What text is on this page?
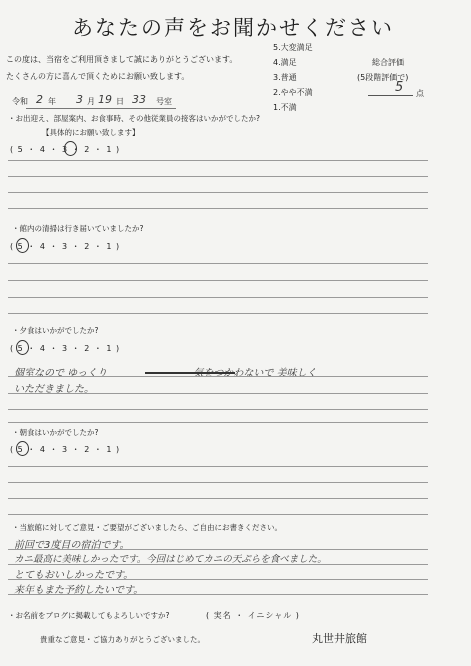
あなたの声をお聞かせください
この度は、当宿をご利用頂きまして誠にありがとうございます。
たくさんの方に喜んで頂くためにお願い致します。
5.大変満足
4.満足
3.普通
2.やや不満
1.不満
総合評価
(5段階評価で)
5 点
令和 2 年 3 月 19 日 33 号室
・お出迎え、部屋案内、お食事時、その他従業員の接客はいかがでしたか?
【具体的にお願い致します】
( 5 ・ 4 ・ 3 ・ 2 ・ 1 )
・館内の清掃は行き届いていましたか?
( 5 ・ 4 ・ 3 ・ 2 ・ 1 )
・夕食はいかがでしたか?
( 5 ・ 4 ・ 3 ・ 2 ・ 1 )
個室なので ゆっくり 　　　　　　　　 気をつかわないで 美味しく
いただきました。
・朝食はいかがでしたか?
( 5 ・ 4 ・ 3 ・ 2 ・ 1 )
・当旅館に対してご意見・ご要望がございましたら、ご自由にお書きください。
前回で3度目の宿泊です。
カニ最高に美味しかったです。今回はじめてカニの天ぷらを食べました。
とてもおいしかったです。
来年もまた予約したいです。
・お名前をブログに掲載してもよろしいですか?	( 実名 ・ イニシャル )
貴重なご意見・ご協力ありがとうございました。	丸世井旅館
